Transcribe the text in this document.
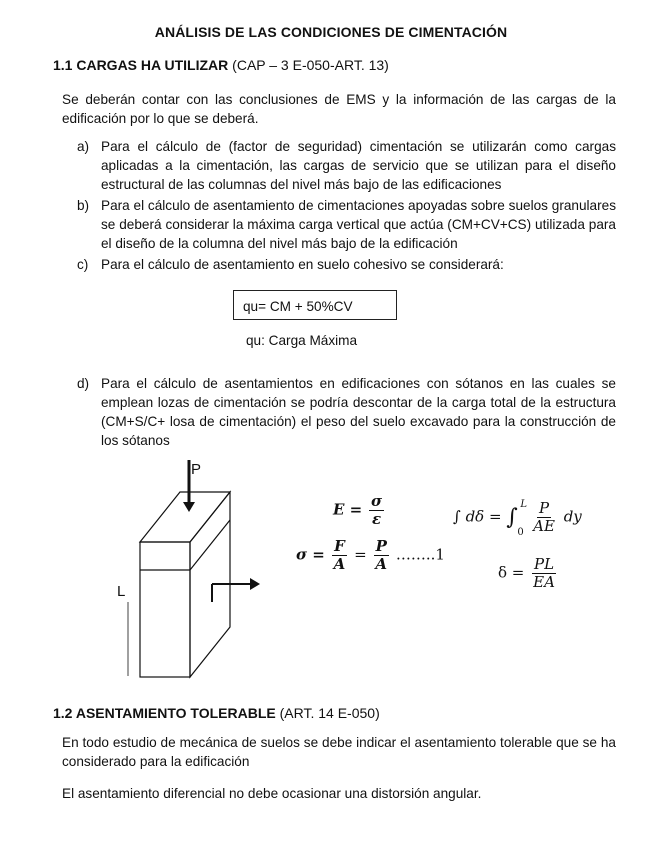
ANÁLISIS DE LAS CONDICIONES DE CIMENTACIÓN
1.1 CARGAS HA UTILIZAR (CAP – 3 E-050-ART. 13)
Se deberán contar con las conclusiones de EMS y la información de las cargas de la edificación por lo que se deberá.
a) Para el cálculo de (factor de seguridad) cimentación se utilizarán como cargas aplicadas a la cimentación, las cargas de servicio que se utilizan para el diseño estructural de las columnas del nivel más bajo de las edificaciones
b) Para el cálculo de asentamiento de cimentaciones apoyadas sobre suelos granulares se deberá considerar la máxima carga vertical que actúa (CM+CV+CS) utilizada para el diseño de la columna del nivel más bajo de la edificación
c) Para el cálculo de asentamiento en suelo cohesivo se considerará:
qu= CM + 50%CV
qu: Carga Máxima
d) Para el cálculo de asentamientos en edificaciones con sótanos en las cuales se emplean lozas de cimentación se podría descontar de la carga total de la estructura (CM+S/C+ losa de cimentación) el peso del suelo excavado para la construcción de los sótanos
P
L
$E = \frac{\sigma}{\varepsilon}$
$\sigma = \frac{F}{A} = \frac{P}{A}$ ……..1
∫ dδ = ∫
L
0
$\frac{P}{AE}$ dy
$\delta = \frac{PL}{EA}$
1.2 ASENTAMIENTO TOLERABLE (ART. 14 E-050)
En todo estudio de mecánica de suelos se debe indicar el asentamiento tolerable que se ha considerado para la edificación
El asentamiento diferencial no debe ocasionar una distorsión angular.
